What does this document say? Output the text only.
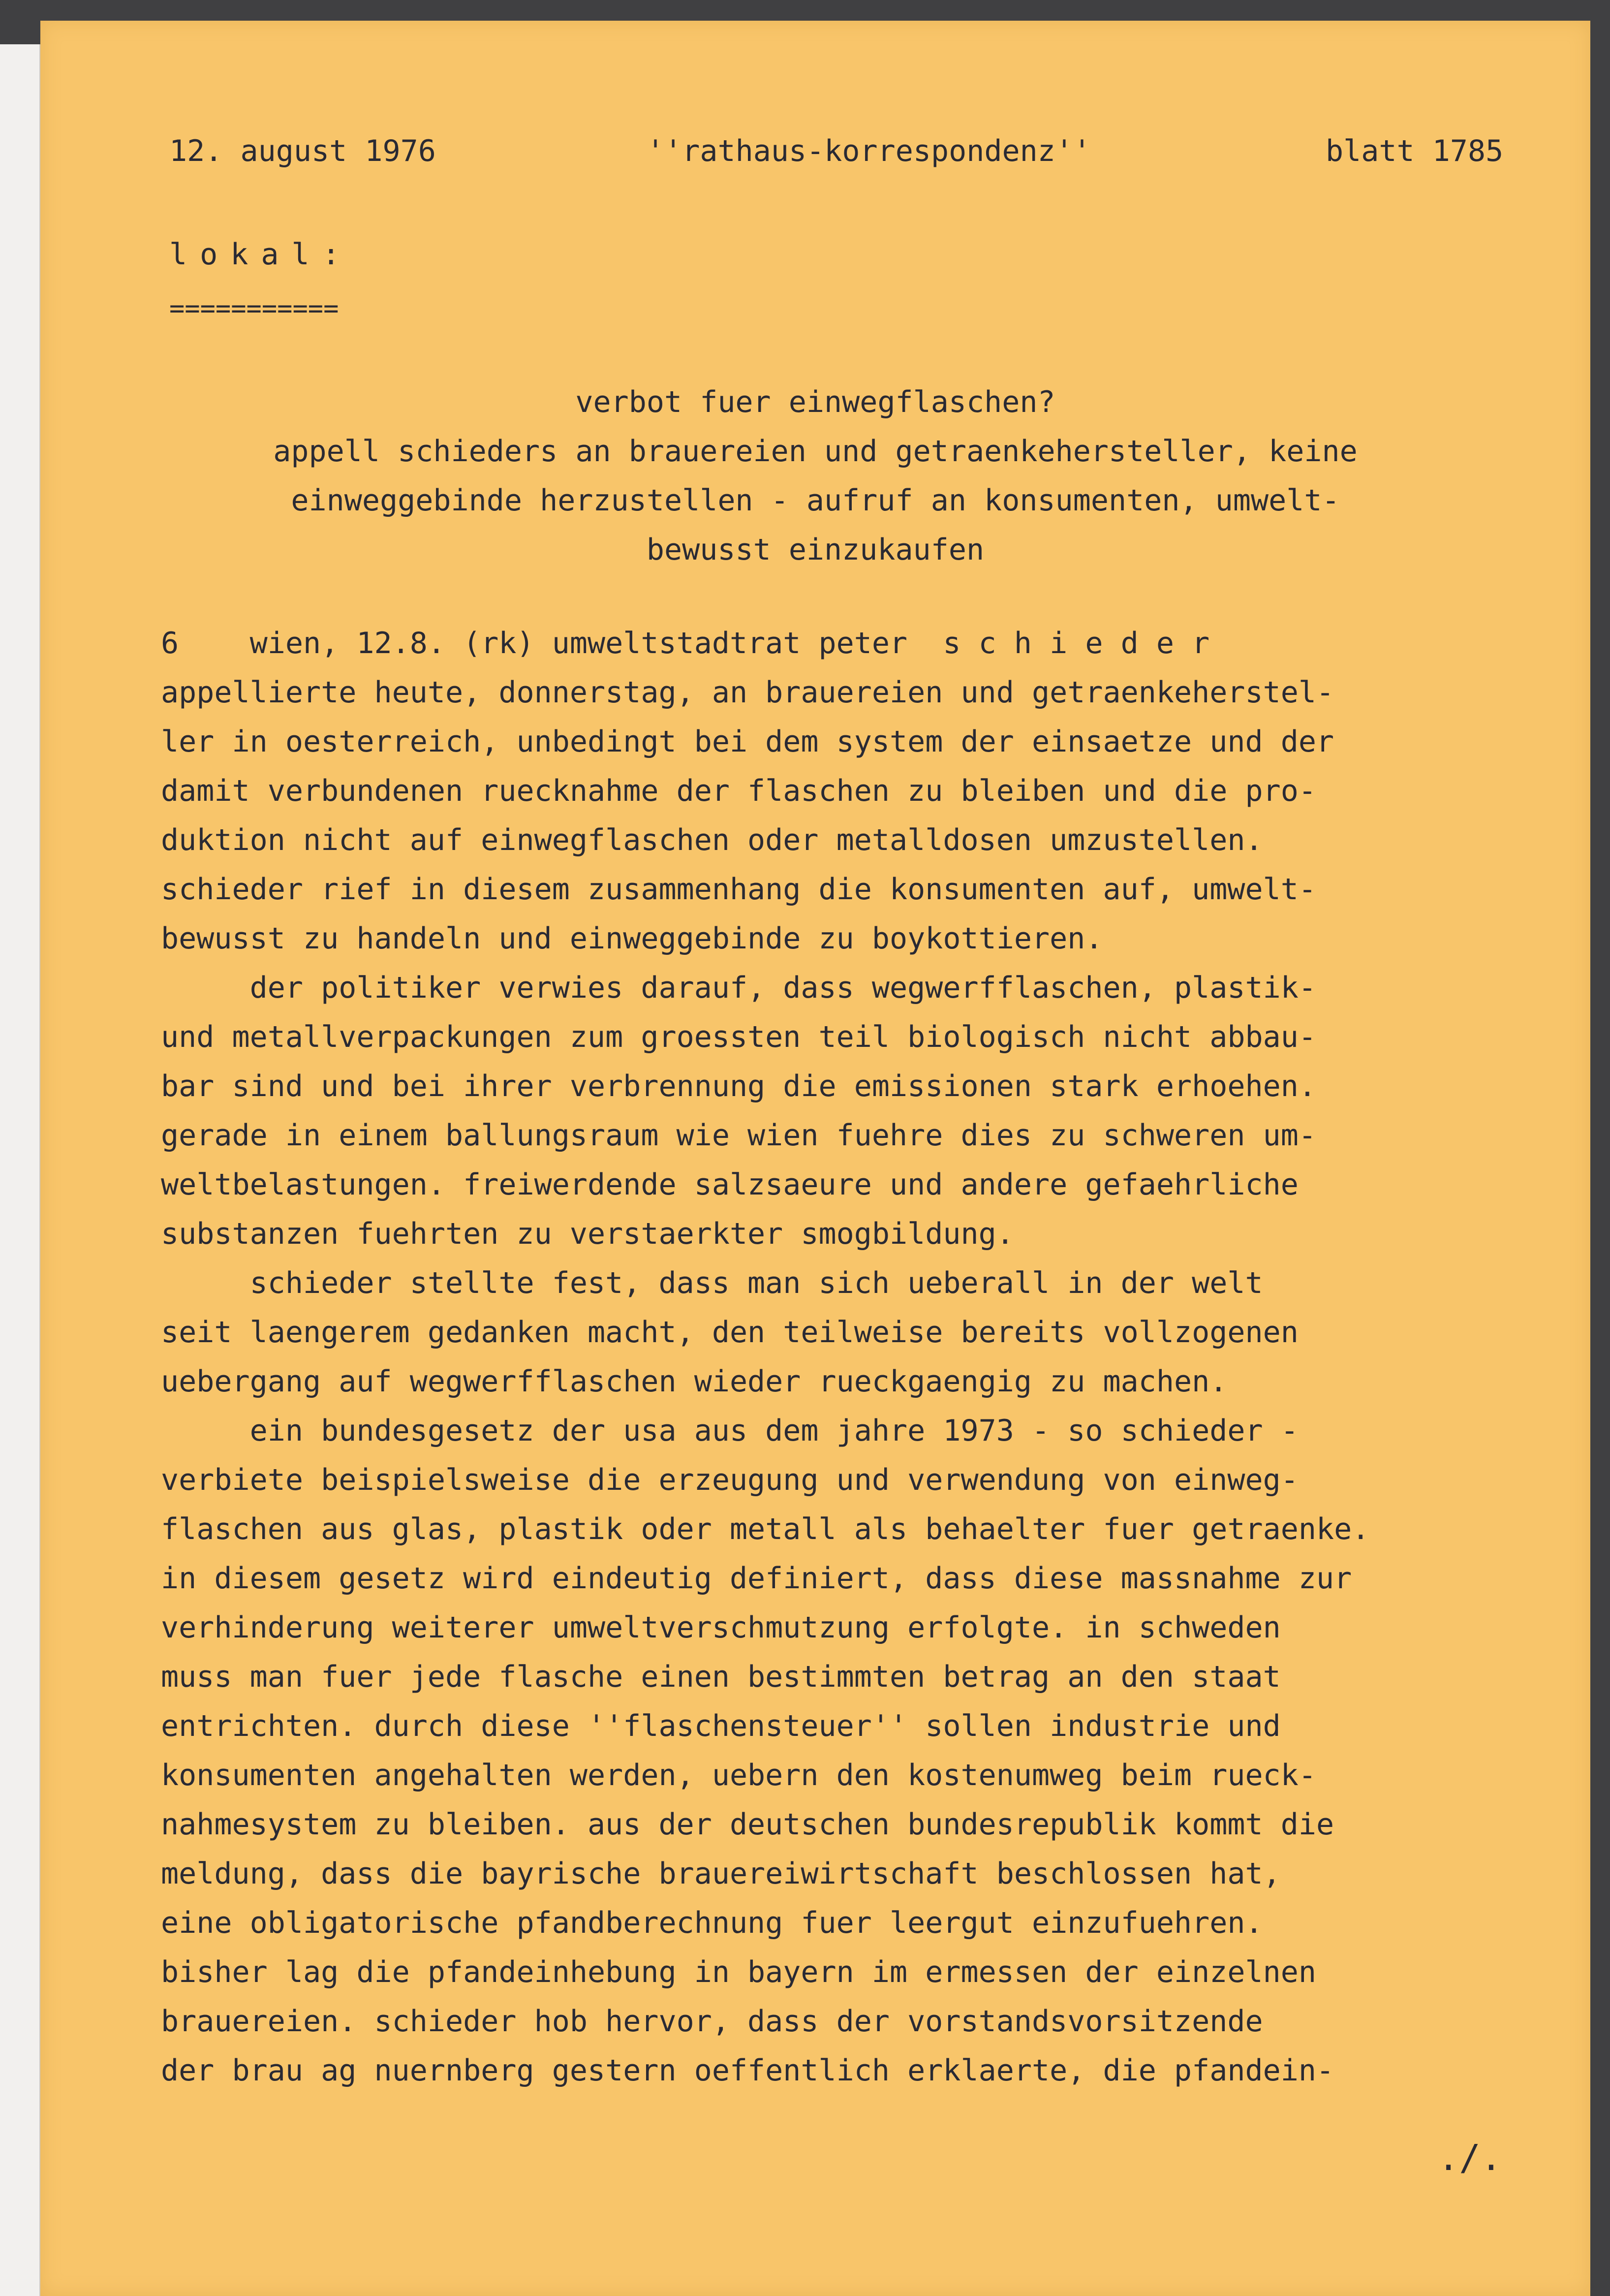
12. august 1976	''rathaus-korrespondenz''	blatt 1785
lokal:
===========
verbot fuer einwegflaschen?
appell schieders an brauereien und getraenkehersteller, keine
einweggebinde herzustellen - aufruf an konsumenten, umwelt-
bewusst einzukaufen
6    wien, 12.8. (rk) umweltstadtrat peter  s c h i e d e r
appellierte heute, donnerstag, an brauereien und getraenkeherstel-
ler in oesterreich, unbedingt bei dem system der einsaetze und der
damit verbundenen ruecknahme der flaschen zu bleiben und die pro-
duktion nicht auf einwegflaschen oder metalldosen umzustellen.
schieder rief in diesem zusammenhang die konsumenten auf, umwelt-
bewusst zu handeln und einweggebinde zu boykottieren.
der politiker verwies darauf, dass wegwerfflaschen, plastik-
und metallverpackungen zum groessten teil biologisch nicht abbau-
bar sind und bei ihrer verbrennung die emissionen stark erhoehen.
gerade in einem ballungsraum wie wien fuehre dies zu schweren um-
weltbelastungen. freiwerdende salzsaeure und andere gefaehrliche
substanzen fuehrten zu verstaerkter smogbildung.
schieder stellte fest, dass man sich ueberall in der welt
seit laengerem gedanken macht, den teilweise bereits vollzogenen
uebergang auf wegwerfflaschen wieder rueckgaengig zu machen.
ein bundesgesetz der usa aus dem jahre 1973 - so schieder -
verbiete beispielsweise die erzeugung und verwendung von einweg-
flaschen aus glas, plastik oder metall als behaelter fuer getraenke.
in diesem gesetz wird eindeutig definiert, dass diese massnahme zur
verhinderung weiterer umweltverschmutzung erfolgte. in schweden
muss man fuer jede flasche einen bestimmten betrag an den staat
entrichten. durch diese ''flaschensteuer'' sollen industrie und
konsumenten angehalten werden, uebern den kostenumweg beim rueck-
nahmesystem zu bleiben. aus der deutschen bundesrepublik kommt die
meldung, dass die bayrische brauereiwirtschaft beschlossen hat,
eine obligatorische pfandberechnung fuer leergut einzufuehren.
bisher lag die pfandeinhebung in bayern im ermessen der einzelnen
brauereien. schieder hob hervor, dass der vorstandsvorsitzende
der brau ag nuernberg gestern oeffentlich erklaerte, die pfandein-
./.
